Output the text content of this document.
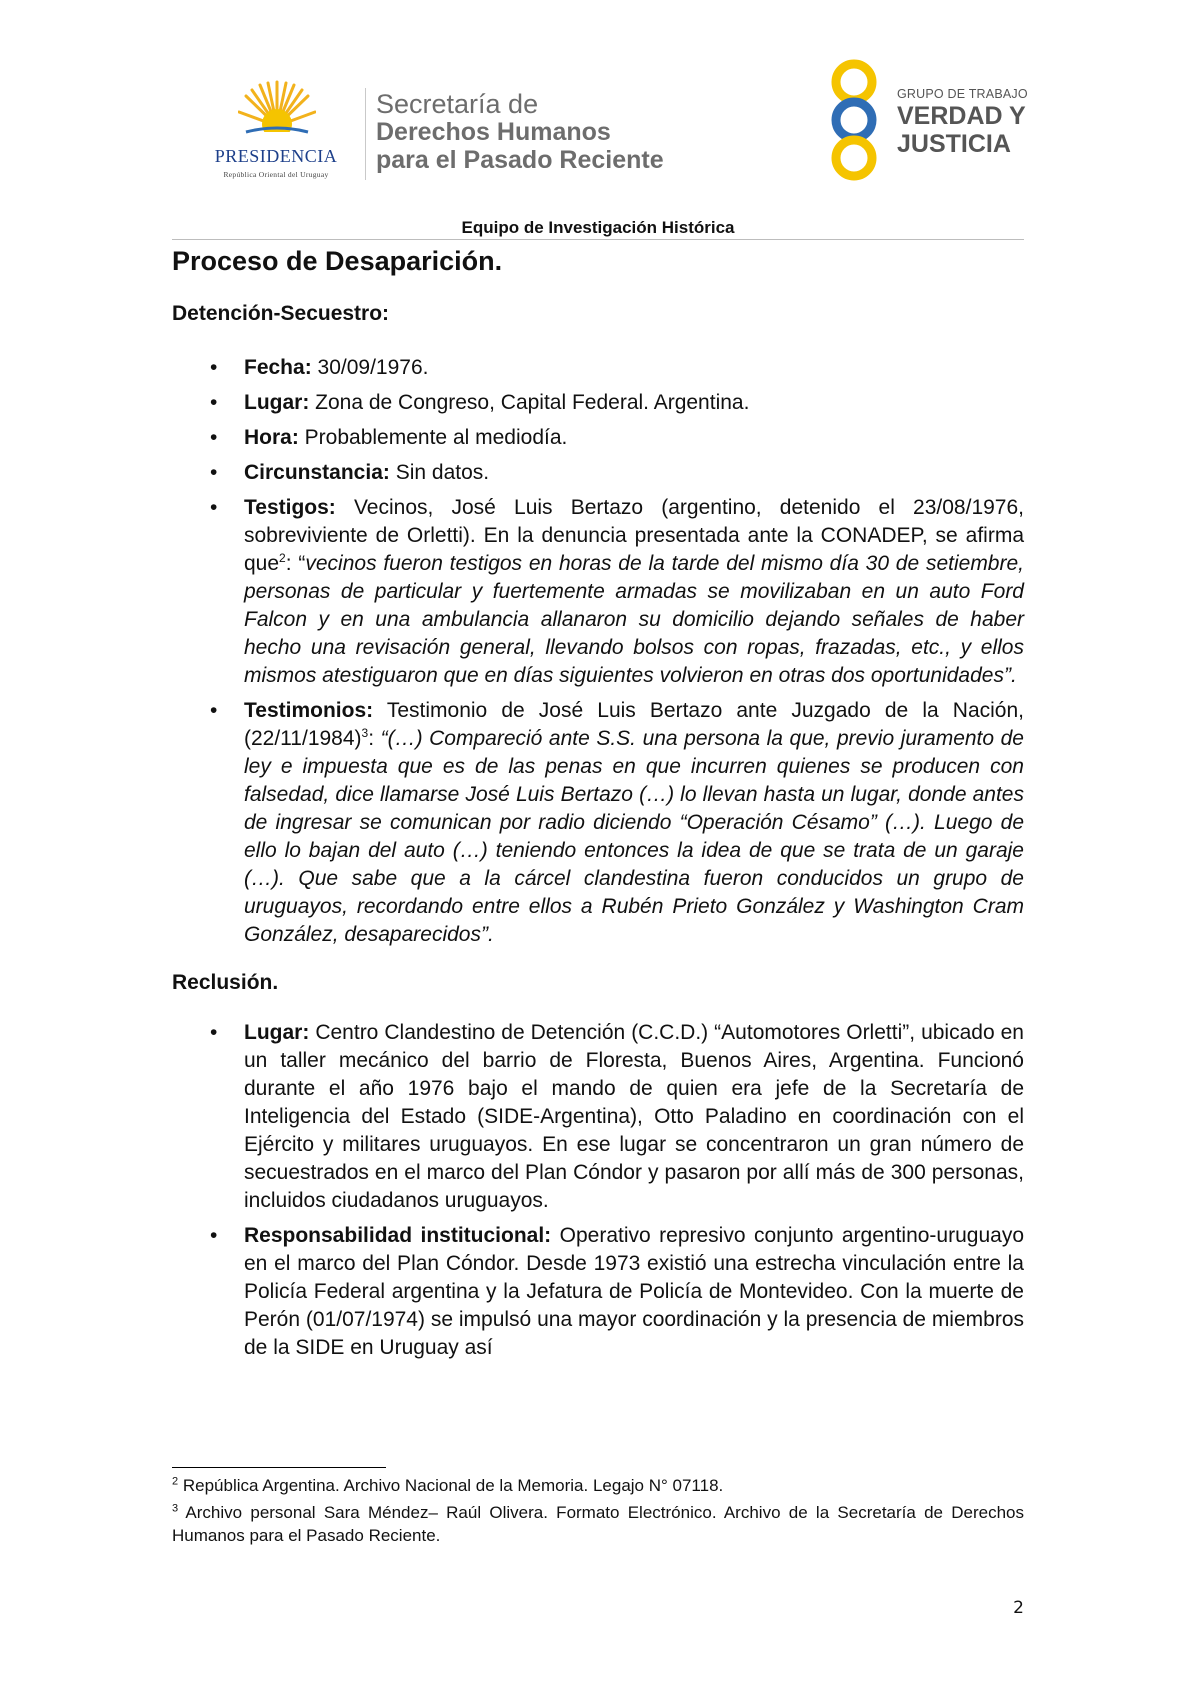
PRESIDENCIA
República Oriental del Uruguay
Secretaría de
Derechos Humanos
para el Pasado Reciente
GRUPO DE TRABAJO
VERDAD Y
JUSTICIA
Equipo de Investigación Histórica
Proceso de Desaparición.
Detención-Secuestro:
• Fecha: 30/09/1976.
• Lugar: Zona de Congreso, Capital Federal. Argentina.
• Hora: Probablemente al mediodía.
• Circunstancia: Sin datos.
• Testigos: Vecinos, José Luis Bertazo (argentino, detenido el 23/08/1976, sobreviviente de Orletti). En la denuncia presentada ante la CONADEP, se afirma que$^2$: “vecinos fueron testigos en horas de la tarde del mismo día 30 de setiembre, personas de particular y fuertemente armadas se movilizaban en un auto Ford Falcon y en una ambulancia allanaron su domicilio dejando señales de haber hecho una revisación general, llevando bolsos con ropas, frazadas, etc., y ellos mismos atestiguaron que en días siguientes volvieron en otras dos oportunidades”.
• Testimonios: Testimonio de José Luis Bertazo ante Juzgado de la Nación, $(22/11/1984)^3$: “(…) Compareció ante S.S. una persona la que, previo juramento de ley e impuesta que es de las penas en que incurren quienes se producen con falsedad, dice llamarse José Luis Bertazo (…) lo llevan hasta un lugar, donde antes de ingresar se comunican por radio diciendo “Operación Césamo” (…). Luego de ello lo bajan del auto (…) teniendo entonces la idea de que se trata de un garaje (…). Que sabe que a la cárcel clandestina fueron conducidos un grupo de uruguayos, recordando entre ellos a Rubén Prieto González y Washington Cram González, desaparecidos”.
Reclusión.
• Lugar: Centro Clandestino de Detención (C.C.D.) “Automotores Orletti”, ubicado en un taller mecánico del barrio de Floresta, Buenos Aires, Argentina. Funcionó durante el año 1976 bajo el mando de quien era jefe de la Secretaría de Inteligencia del Estado (SIDE-Argentina), Otto Paladino en coordinación con el Ejército y militares uruguayos. En ese lugar se concentraron un gran número de secuestrados en el marco del Plan Cóndor y pasaron por allí más de 300 personas, incluidos ciudadanos uruguayos.
• Responsabilidad institucional: Operativo represivo conjunto argentino-uruguayo en el marco del Plan Cóndor. Desde 1973 existió una estrecha vinculación entre la Policía Federal argentina y la Jefatura de Policía de Montevideo. Con la muerte de Perón (01/07/1974) se impulsó una mayor coordinación y la presencia de miembros de la SIDE en Uruguay así
$^2$ República Argentina. Archivo Nacional de la Memoria. Legajo N° 07118.
$^3$ Archivo personal Sara Méndez– Raúl Olivera. Formato Electrónico. Archivo de la Secretaría de Derechos Humanos para el Pasado Reciente.
2
